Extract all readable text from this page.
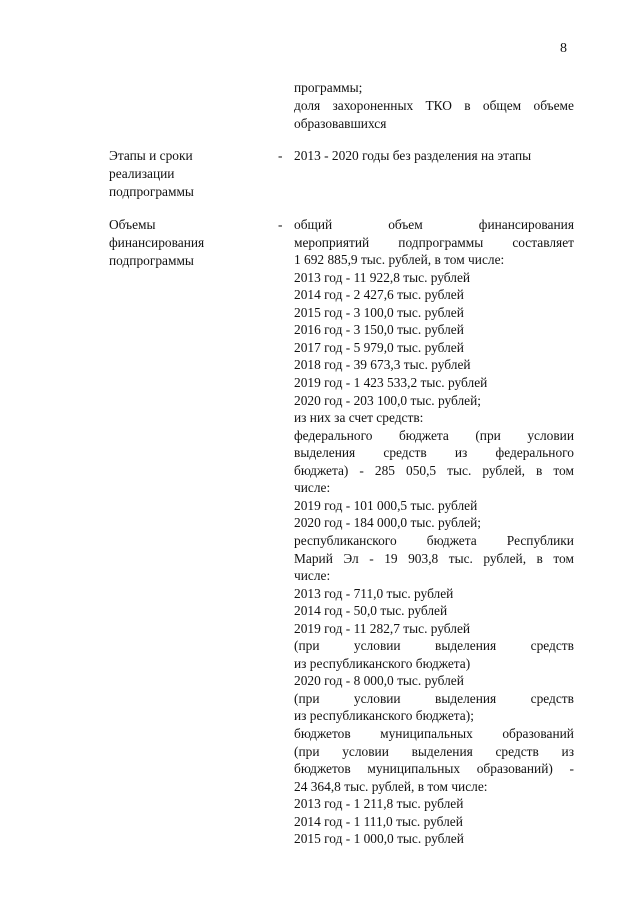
8
программы;
доля захороненных ТКО в общем объеме
образовавшихся
Этапы и сроки
реализации
подпрограммы
- 2013 - 2020 годы без разделения на этапы
Объемы
финансирования
подпрограммы
- общий	объем	финансирования
мероприятий подпрограммы составляет
1 692 885,9 тыс. рублей, в том числе:
2013 год - 11 922,8 тыс. рублей
2014 год - 2 427,6 тыс. рублей
2015 год - 3 100,0 тыс. рублей
2016 год - 3 150,0 тыс. рублей
2017 год - 5 979,0 тыс. рублей
2018 год - 39 673,3 тыс. рублей
2019 год - 1 423 533,2 тыс. рублей
2020 год - 203 100,0 тыс. рублей;
из них за счет средств:
федерального бюджета (при условии
выделения средств из федерального
бюджета) - 285 050,5 тыс. рублей, в том
числе:
2019 год - 101 000,5 тыс. рублей
2020 год - 184 000,0 тыс. рублей;
республиканского бюджета Республики
Марий Эл - 19 903,8 тыс. рублей, в том
числе:
2013 год - 711,0 тыс. рублей
2014 год - 50,0 тыс. рублей
2019 год - 11 282,7 тыс. рублей
(при	условии	выделения	средств
из республиканского бюджета)
2020 год - 8 000,0 тыс. рублей
(при	условии	выделения	средств
из республиканского бюджета);
бюджетов муниципальных образований
(при условии выделения средств из
бюджетов муниципальных образований) -
24 364,8 тыс. рублей, в том числе:
2013 год - 1 211,8 тыс. рублей
2014 год - 1 111,0 тыс. рублей
2015 год - 1 000,0 тыс. рублей
